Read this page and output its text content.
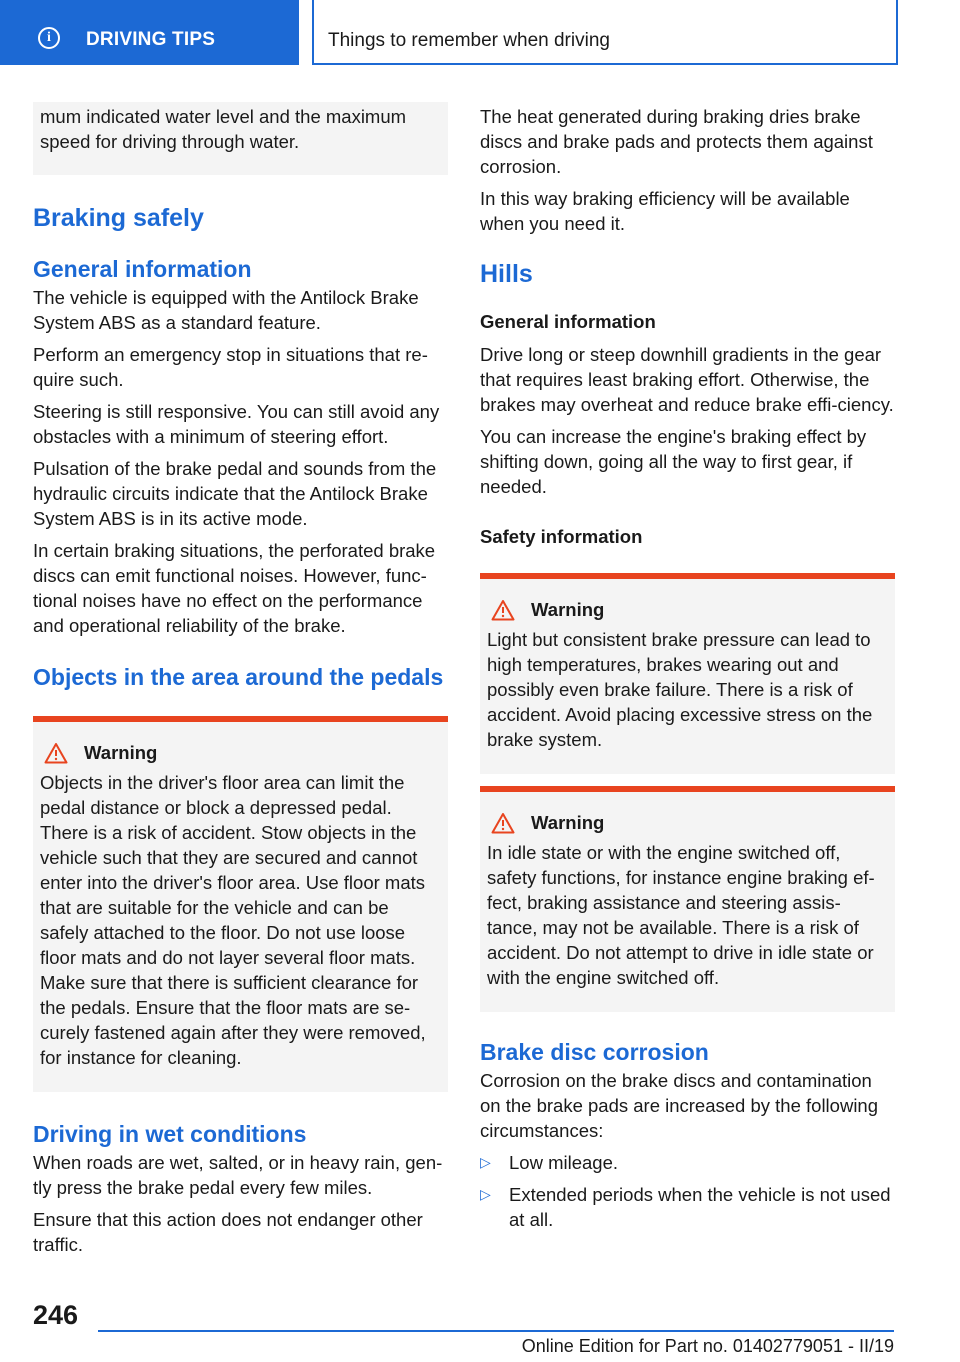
i	DRIVING TIPS	Things to remember when driving

mum indicated water level and the maximum speed for driving through water.

Braking safely
General information

The vehicle is equipped with the Antilock Brake System ABS as a standard feature.

Perform an emergency stop in situations that re‐quire such.

Steering is still responsive. You can still avoid any obstacles with a minimum of steering effort.

Pulsation of the brake pedal and sounds from the hydraulic circuits indicate that the Antilock Brake System ABS is in its active mode.

In certain braking situations, the perforated brake discs can emit functional noises. However, func‐tional noises have no effect on the performance and operational reliability of the brake.

Objects in the area around the pedals
Warning

Objects in the driver's floor area can limit the pedal distance or block a depressed pedal. There is a risk of accident. Stow objects in the vehicle such that they are secured and cannot enter into the driver's floor area. Use floor mats that are suitable for the vehicle and can be safely attached to the floor. Do not use loose floor mats and do not layer several floor mats. Make sure that there is sufficient clearance for the pedals. Ensure that the floor mats are se‐curely fastened again after they were removed, for instance for cleaning.

Driving in wet conditions

When roads are wet, salted, or in heavy rain, gen‐tly press the brake pedal every few miles.

Ensure that this action does not endanger other traffic.

The heat generated during braking dries brake discs and brake pads and protects them against corrosion.

In this way braking efficiency will be available when you need it.

Hills
General information

Drive long or steep downhill gradients in the gear that requires least braking effort. Otherwise, the brakes may overheat and reduce brake effi‐ciency.

You can increase the engine's braking effect by shifting down, going all the way to first gear, if needed.

Safety information
Warning

Light but consistent brake pressure can lead to high temperatures, brakes wearing out and possibly even brake failure. There is a risk of accident. Avoid placing excessive stress on the brake system.

Warning

In idle state or with the engine switched off, safety functions, for instance engine braking ef‐fect, braking assistance and steering assis‐tance, may not be available. There is a risk of accident. Do not attempt to drive in idle state or with the engine switched off.

Brake disc corrosion

Corrosion on the brake discs and contamination on the brake pads are increased by the following circumstances:

▷ Low mileage.
▷ Extended periods when the vehicle is not used at all.
246
Online Edition for Part no. 01402779051 - II/19
